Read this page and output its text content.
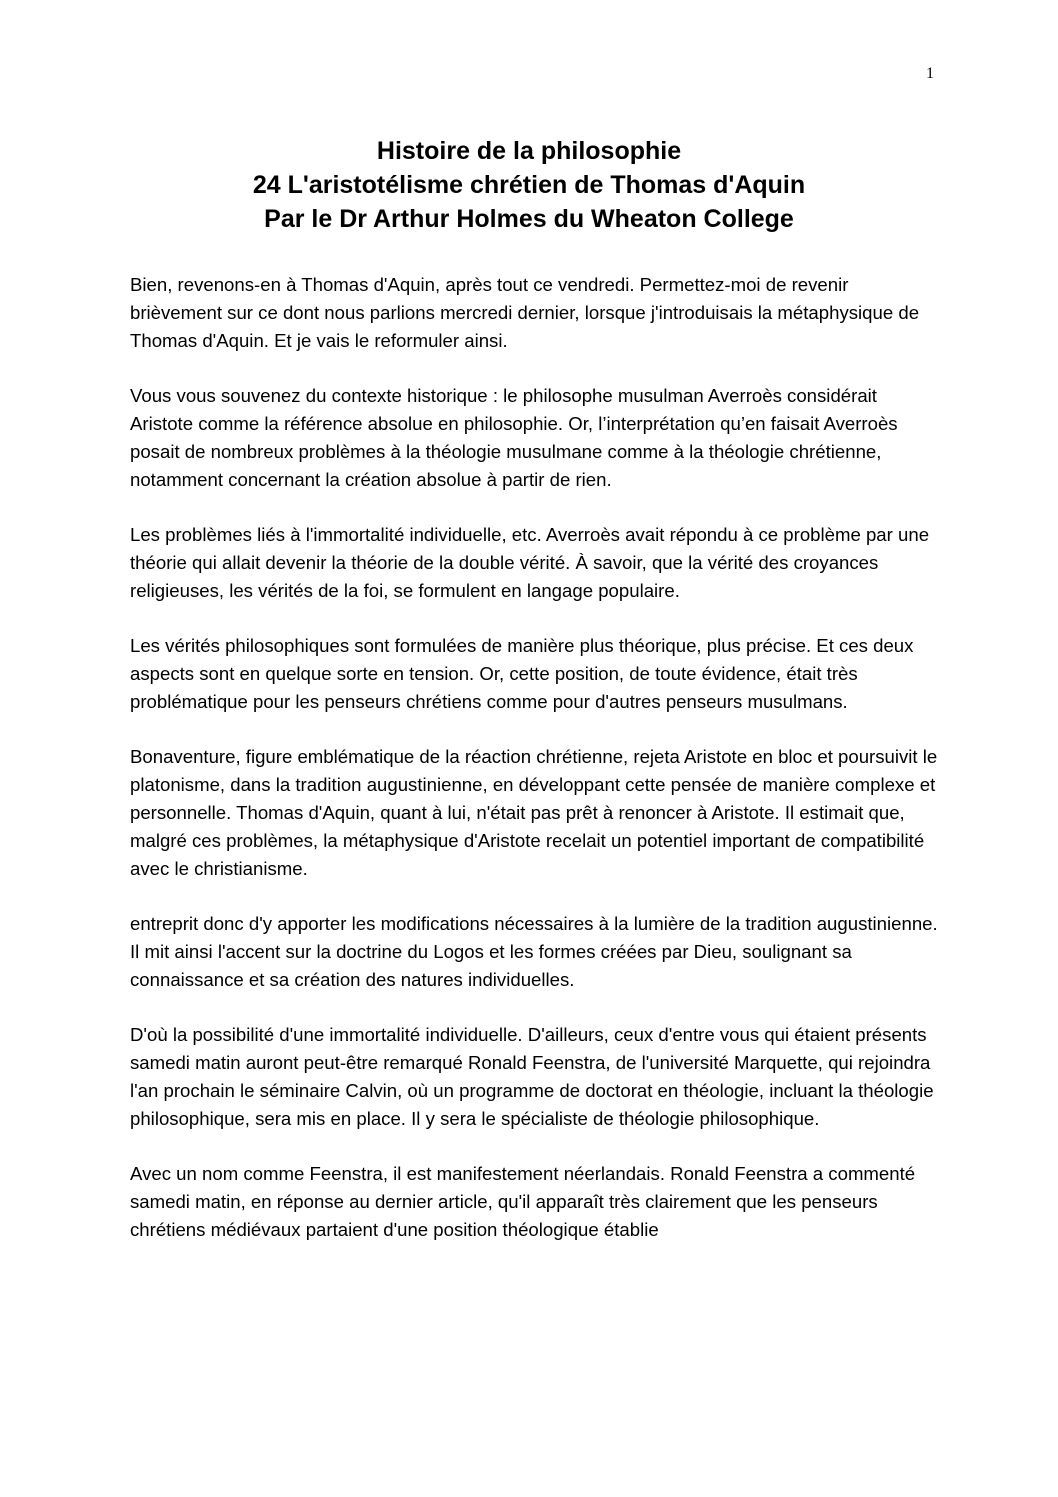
1
Histoire de la philosophie
24 L'aristotélisme chrétien de Thomas d'Aquin
Par le Dr Arthur Holmes du Wheaton College

Bien, revenons-en à Thomas d'Aquin, après tout ce vendredi. Permettez-moi de revenir brièvement sur ce dont nous parlions mercredi dernier, lorsque j'introduisais la métaphysique de Thomas d'Aquin. Et je vais le reformuler ainsi.

Vous vous souvenez du contexte historique : le philosophe musulman Averroès considérait Aristote comme la référence absolue en philosophie. Or, l’interprétation qu’en faisait Averroès posait de nombreux problèmes à la théologie musulmane comme à la théologie chrétienne, notamment concernant la création absolue à partir de rien.

Les problèmes liés à l'immortalité individuelle, etc. Averroès avait répondu à ce problème par une théorie qui allait devenir la théorie de la double vérité. À savoir, que la vérité des croyances religieuses, les vérités de la foi, se formulent en langage populaire.

Les vérités philosophiques sont formulées de manière plus théorique, plus précise. Et ces deux aspects sont en quelque sorte en tension. Or, cette position, de toute évidence, était très problématique pour les penseurs chrétiens comme pour d'autres penseurs musulmans.

Bonaventure, figure emblématique de la réaction chrétienne, rejeta Aristote en bloc et poursuivit le platonisme, dans la tradition augustinienne, en développant cette pensée de manière complexe et personnelle. Thomas d'Aquin, quant à lui, n'était pas prêt à renoncer à Aristote. Il estimait que, malgré ces problèmes, la métaphysique d'Aristote recelait un potentiel important de compatibilité avec le christianisme.

entreprit donc d'y apporter les modifications nécessaires à la lumière de la tradition augustinienne. Il mit ainsi l'accent sur la doctrine du Logos et les formes créées par Dieu, soulignant sa connaissance et sa création des natures individuelles.

D'où la possibilité d'une immortalité individuelle. D'ailleurs, ceux d'entre vous qui étaient présents samedi matin auront peut-être remarqué Ronald Feenstra, de l'université Marquette, qui rejoindra l'an prochain le séminaire Calvin, où un programme de doctorat en théologie, incluant la théologie philosophique, sera mis en place. Il y sera le spécialiste de théologie philosophique.

Avec un nom comme Feenstra, il est manifestement néerlandais. Ronald Feenstra a commenté samedi matin, en réponse au dernier article, qu'il apparaît très clairement que les penseurs chrétiens médiévaux partaient d'une position théologique établie
